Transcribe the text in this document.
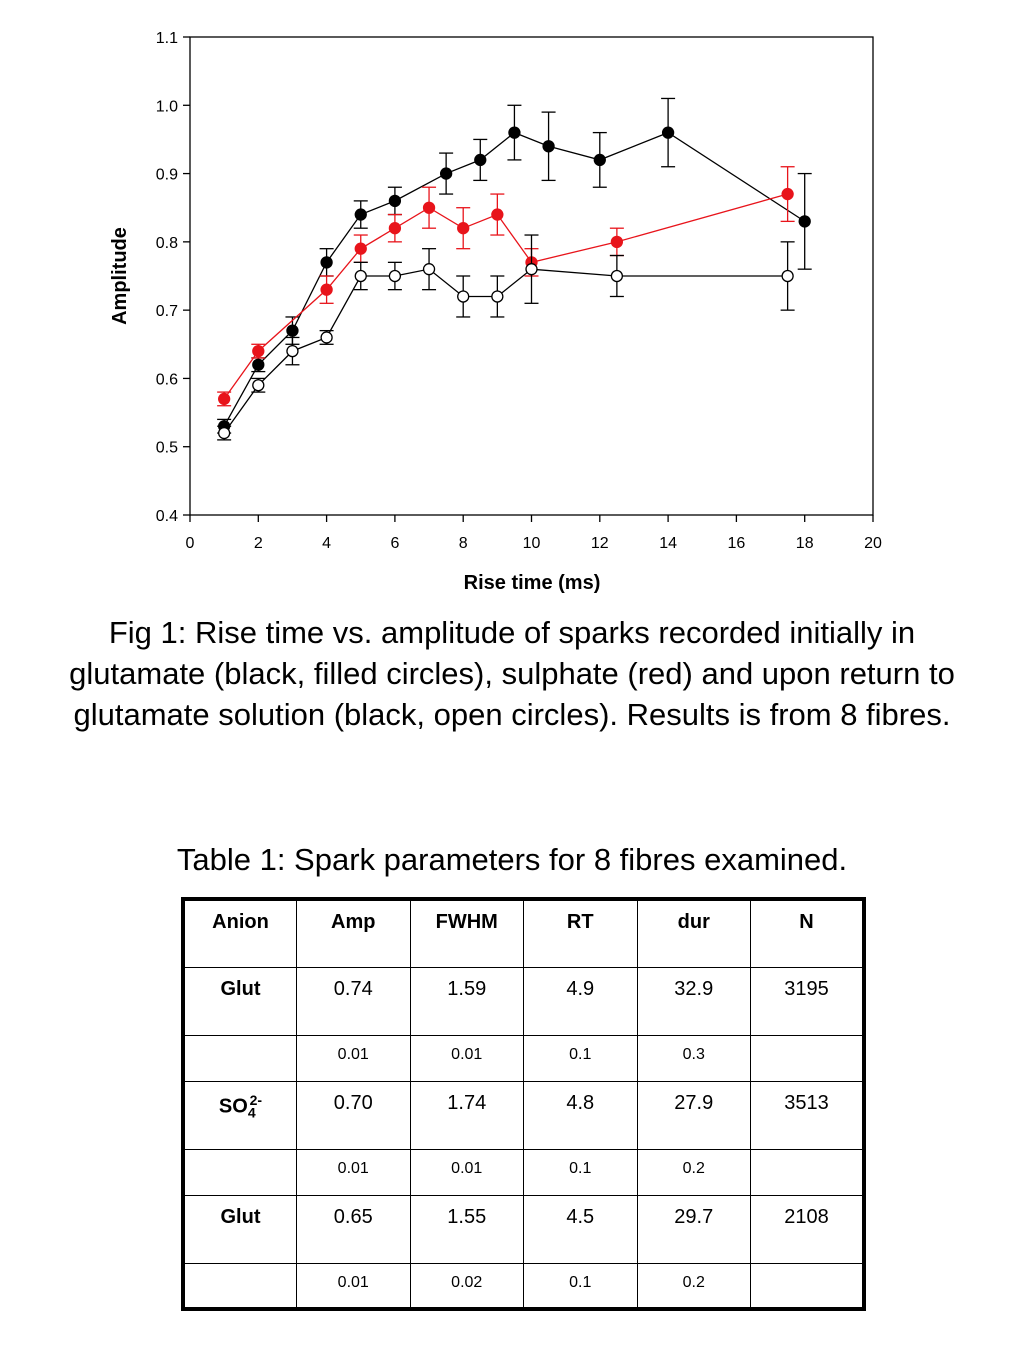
0.4
0.5
0.6
0.7
0.8
0.9
1.0
1.1
0	2	4	6	8	10	12	14	16	18	20
Amplitude
Rise time (ms)
Fig 1: Rise time vs. amplitude of sparks recorded initially in glutamate (black, filled circles), sulphate (red) and upon return to glutamate solution (black, open circles). Results is from 8 fibres.
Table 1: Spark parameters for 8 fibres examined.
Anion	Amp	FWHM	RT	dur	N
Glut	0.74	1.59	4.9	32.9	3195
	0.01	0.01	0.1	0.3	
$SO_4^{2-}$	0.70	1.74	4.8	27.9	3513
	0.01	0.01	0.1	0.2	
Glut	0.65	1.55	4.5	29.7	2108
	0.01	0.02	0.1	0.2	
